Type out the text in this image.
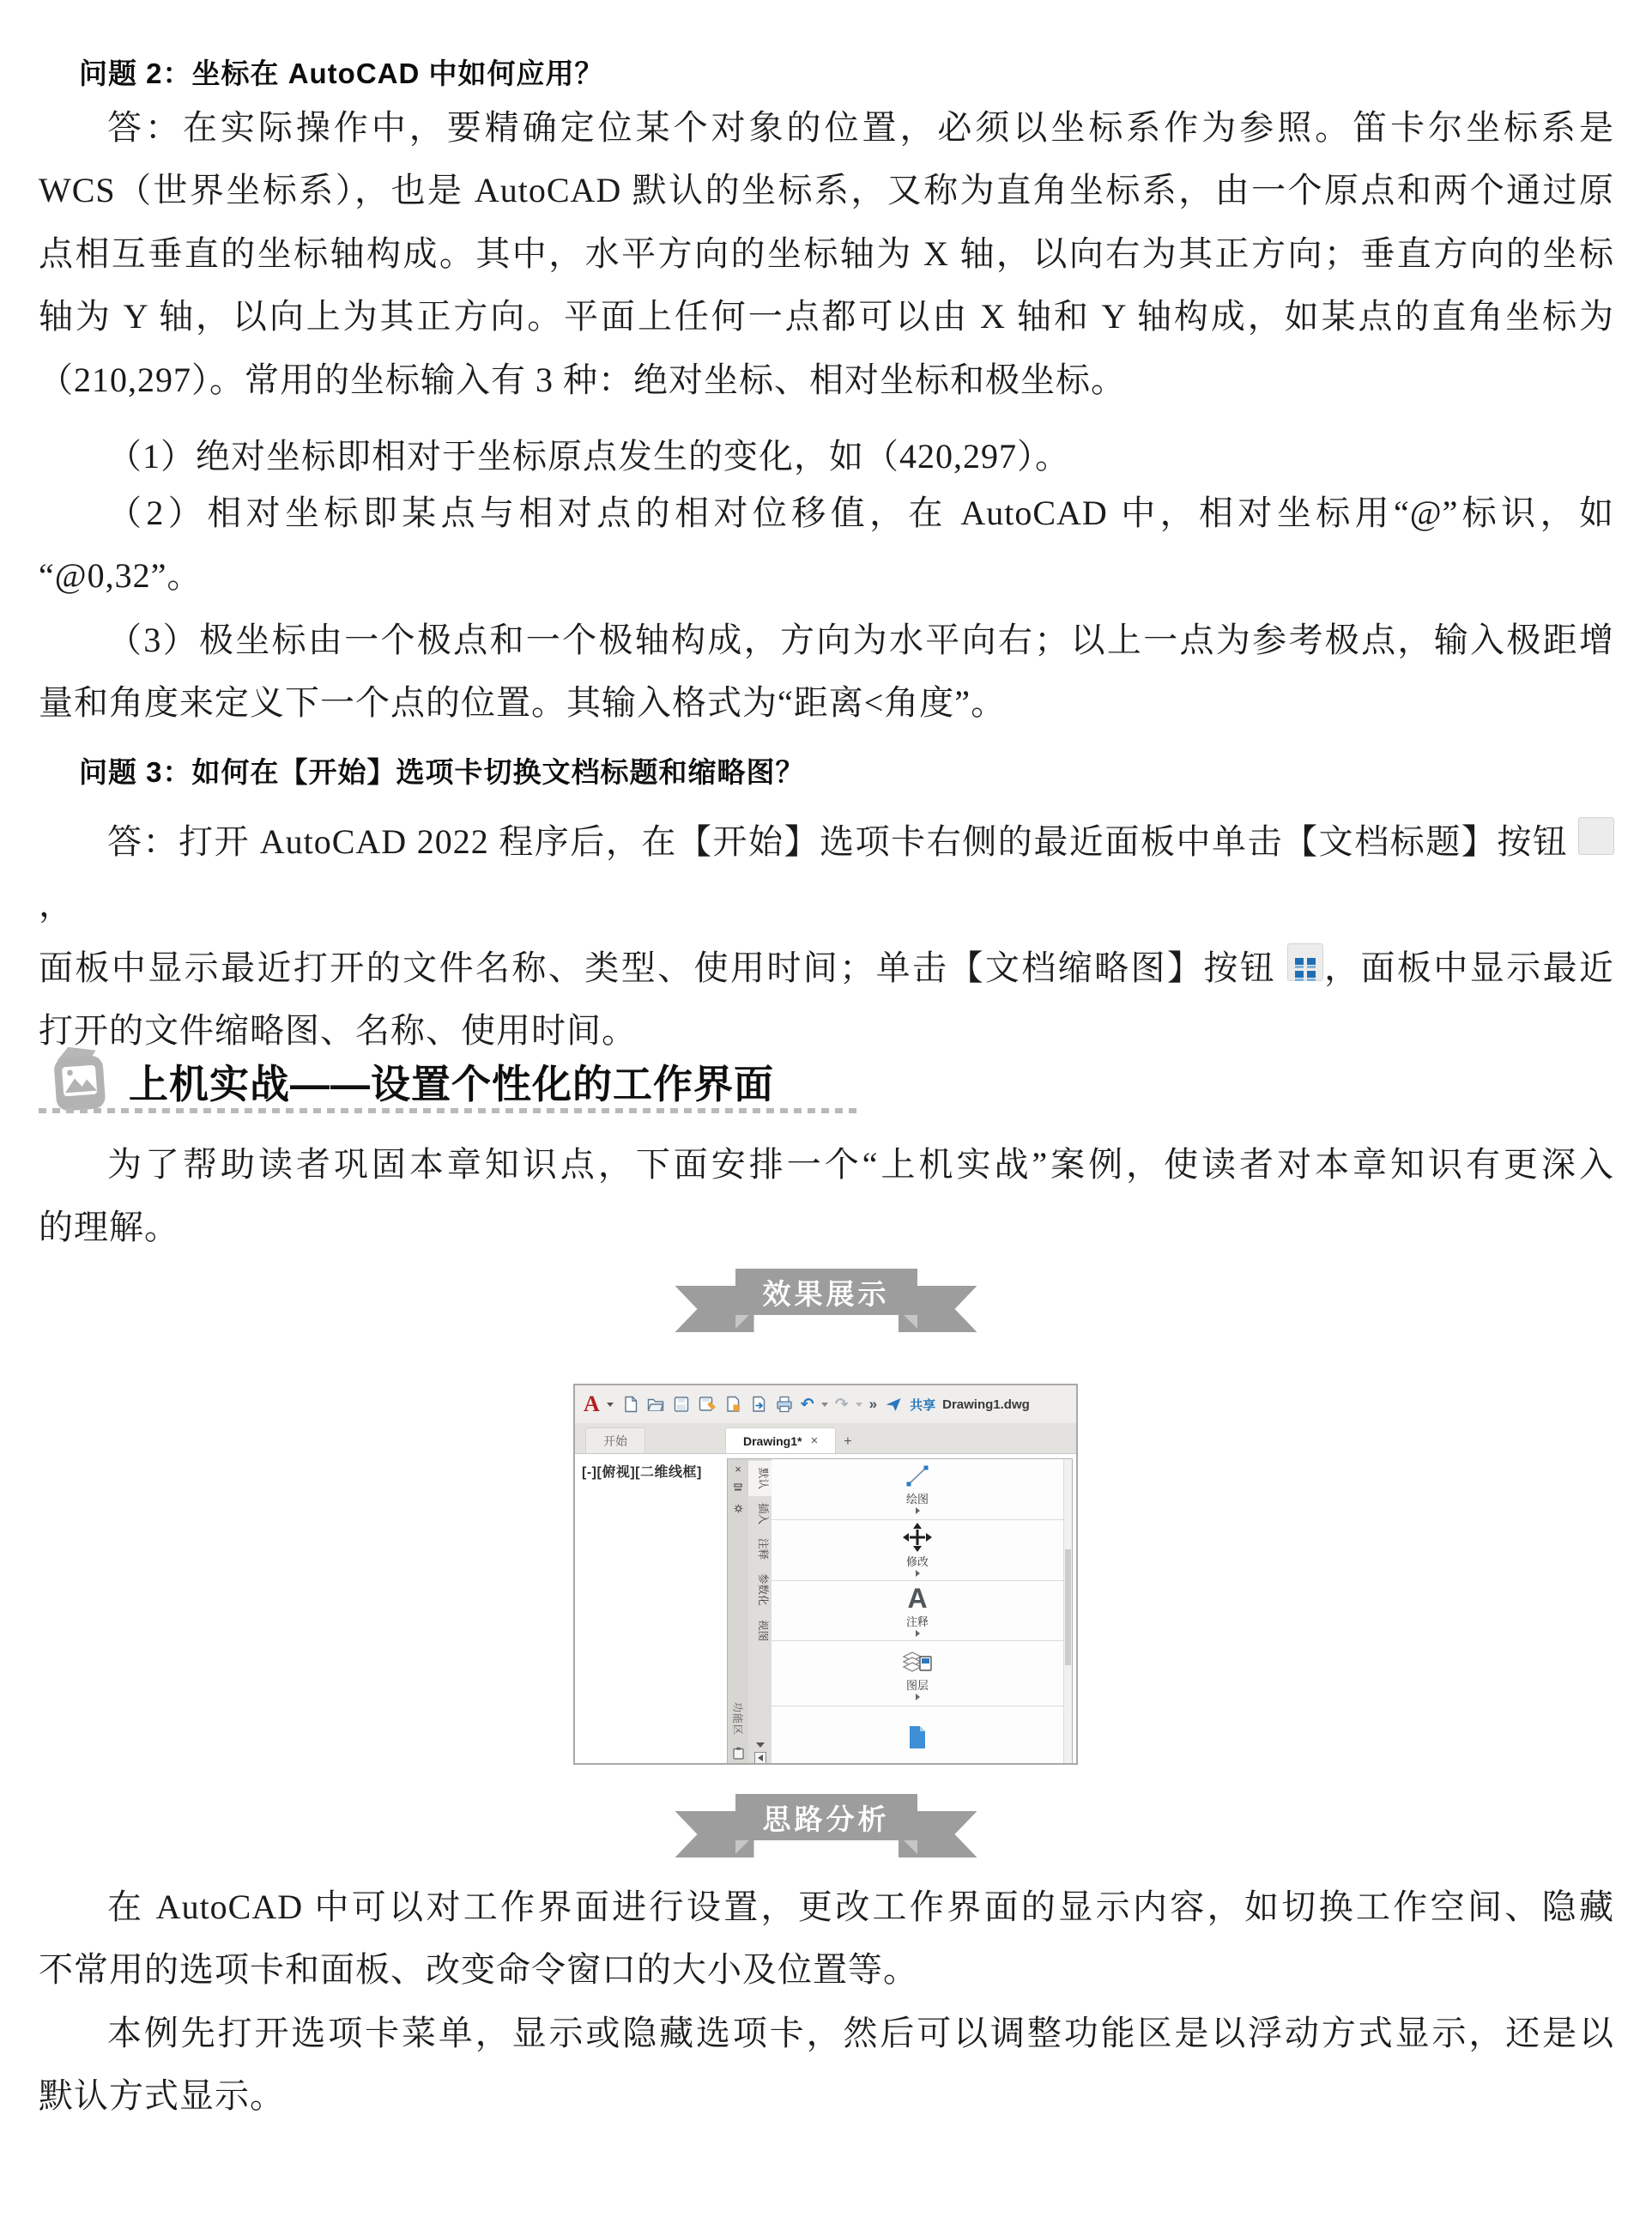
问题 2：坐标在 AutoCAD 中如何应用？
答：在实际操作中，要精确定位某个对象的位置，必须以坐标系作为参照。笛卡尔坐标系是
WCS（世界坐标系），也是 AutoCAD 默认的坐标系，又称为直角坐标系，由一个原点和两个通过原
点相互垂直的坐标轴构成。其中，水平方向的坐标轴为 X 轴，以向右为其正方向；垂直方向的坐标
轴为 Y 轴，以向上为其正方向。平面上任何一点都可以由 X 轴和 Y 轴构成，如某点的直角坐标为
（210,297）。常用的坐标输入有 3 种：绝对坐标、相对坐标和极坐标。
（1）绝对坐标即相对于坐标原点发生的变化，如（420,297）。
（2）相对坐标即某点与相对点的相对位移值，在 AutoCAD 中，相对坐标用“@”标识，如
“@0,32”。
（3）极坐标由一个极点和一个极轴构成，方向为水平向右；以上一点为参考极点，输入极距增
量和角度来定义下一个点的位置。其输入格式为“距离<角度”。
问题 3：如何在【开始】选项卡切换文档标题和缩略图？
答：打开 AutoCAD 2022 程序后，在【开始】选项卡右侧的最近面板中单击【文档标题】按钮 ，
面板中显示最近打开的文件名称、类型、使用时间；单击【文档缩略图】按钮 ，面板中显示最近
打开的文件缩略图、名称、使用时间。
上机实战——设置个性化的工作界面
为了帮助读者巩固本章知识点，下面安排一个“上机实战”案例，使读者对本章知识有更深入
的理解。
效果展示
A	↶ ↷ »	共享 Drawing1.dwg
开始	Drawing1* × +
[-][俯视][二维线框]	×
功能区
默认
插入
注释
参数化
视图
绘图
修改
A
注释
图层
思路分析
在 AutoCAD 中可以对工作界面进行设置，更改工作界面的显示内容，如切换工作空间、隐藏
不常用的选项卡和面板、改变命令窗口的大小及位置等。
本例先打开选项卡菜单，显示或隐藏选项卡，然后可以调整功能区是以浮动方式显示，还是以
默认方式显示。
